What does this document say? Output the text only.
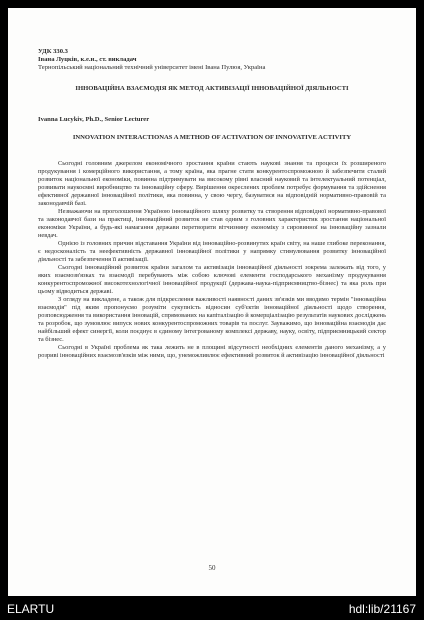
УДК 330.3
Івана Луцків, к.е.н., ст. викладач
Тернопільський національний технічний університет імені Івана Пулюя, Україна
ІННОВАЦІЙНА ВЗАЄМОДІЯ ЯК МЕТОД АКТИВІЗАЦІЇ ІННОВАЦІЙНОЇ ДІЯЛЬНОСТІ
Ivanna Lucykiv, Ph.D., Senior Lecturer
INNOVATION INTERACTIONAS A METHOD OF ACTIVATION OF INNOVATIVE ACTIVITY

Сьогодні головним джерелом економічного зростання країни стають наукові знання та процеси їх розширеного продукування і комерційного використання, а тому країна, яка прагне стати конкурентоспроможною й забезпечити сталий розвиток національної економіки, повинна підтримувати на високому рівні власний науковий та інтелектуальний потенціал, розвивати наукоємні виробництво та інноваційну сферу. Вирішення окреслених проблем потребує формування та здійснення ефективної державної інноваційної політики, яка повинна, у свою чергу, базуватися на відповідній нормативно-правовій та законодавчій базі.

Незважаючи на проголошення Україною інноваційного шляху розвитку та створення відповідної нормативно-правової та законодавчої бази на практиці, інноваційний розвиток не став одним з головних характеристик зростання національної економіки України, а будь-які намагання держави перетворити вітчизняну економіку з сировинної на інноваційну зазнали невдач.

Однією із головних причин відставання України від інноваційно-розвинутих країн світу, на наше глибоке переконання, є недосконалість та неефективність державної інноваційної політики у напрямку стимулювання розвитку інноваційної діяльності та забезпечення її активізації.

Сьогодні інноваційний розвиток країни загалом та активізація інноваційної діяльності зокрема залежать від того, у яких взаємозв'язках та взаємодії перебувають між собою ключові елементи господарського механізму продукування конкурентоспроможної високотехнологічної інноваційної продукції (держава-наука-підприємництво-бізнес) та яка роль при цьому відводиться державі.

З огляду на викладене, а також для підкреслення важливості наявності даних зв'язків ми вводимо термін "інноваційна взаємодія" під яким пропонуємо розуміти сукупність відносин суб'єктів інноваційної діяльності щодо створення, розповсюдження та використання інновацій, спрямованих на капіталізацію й комерціалізацію результатів наукових досліджень та розробок, що зумовлює випуск нових конкурентоспроможних товарів та послуг. Зауважимо, що інноваційна взаємодія дає найбільший ефект синергії, коли поєднує в єдиному інтегрованому комплексі державу, науку, освіту, підприємницький сектор та бізнес.

Сьогодні в Україні проблема як така лежить не в площині відсутності необхідних елементів даного механізму, а у розриві інноваційних взаємозв'язків між ними, що, унеможливлює ефективний розвиток й активізацію інноваційної діяльності

50
ELARTU	hdl:lib/21167
